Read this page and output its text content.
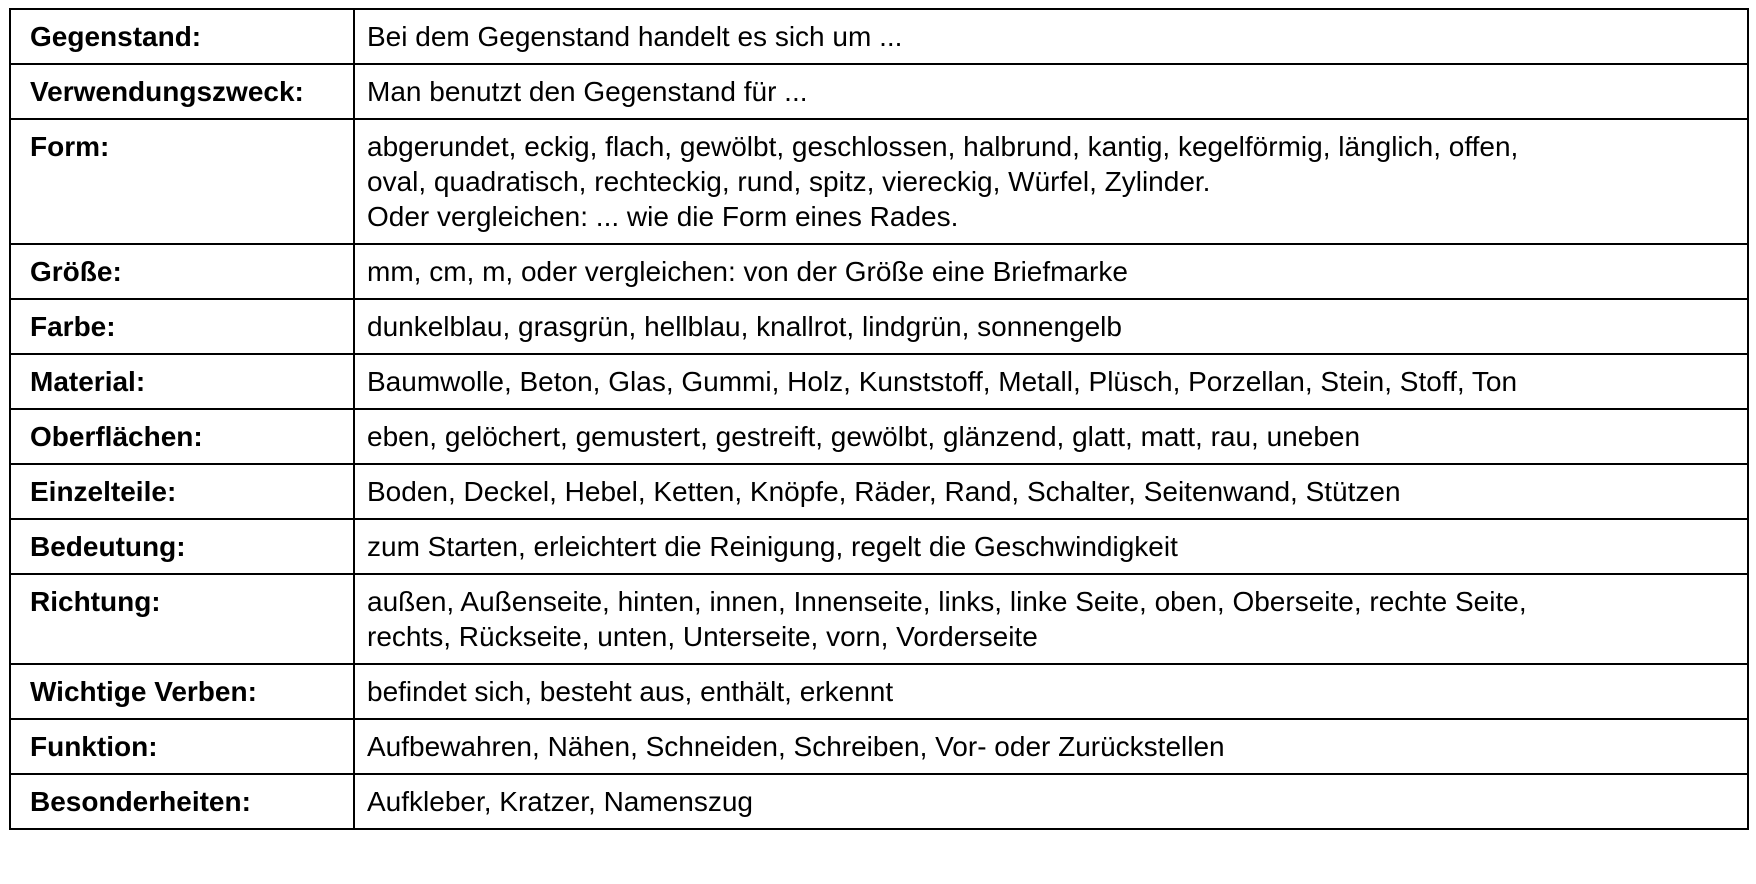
Gegenstand:	Bei dem Gegenstand handelt es sich um ...
Verwendungszweck:	Man benutzt den Gegenstand für ...
Form:	abgerundet, eckig, flach, gewölbt, geschlossen, halbrund, kantig, kegelförmig, länglich, offen,
oval, quadratisch, rechteckig, rund, spitz, viereckig, Würfel, Zylinder.
Oder vergleichen: ... wie die Form eines Rades.
Größe:	mm, cm, m, oder vergleichen: von der Größe eine Briefmarke
Farbe:	dunkelblau, grasgrün, hellblau, knallrot, lindgrün, sonnengelb
Material:	Baumwolle, Beton, Glas, Gummi, Holz, Kunststoff, Metall, Plüsch, Porzellan, Stein, Stoff, Ton
Oberflächen:	eben, gelöchert, gemustert, gestreift, gewölbt, glänzend, glatt, matt, rau, uneben
Einzelteile:	Boden, Deckel, Hebel, Ketten, Knöpfe, Räder, Rand, Schalter, Seitenwand, Stützen
Bedeutung:	zum Starten, erleichtert die Reinigung, regelt die Geschwindigkeit
Richtung:	außen, Außenseite, hinten, innen, Innenseite, links, linke Seite, oben, Oberseite, rechte Seite,
rechts, Rückseite, unten, Unterseite, vorn, Vorderseite
Wichtige Verben:	befindet sich, besteht aus, enthält, erkennt
Funktion:	Aufbewahren, Nähen, Schneiden, Schreiben, Vor- oder Zurückstellen
Besonderheiten:	Aufkleber, Kratzer, Namenszug
